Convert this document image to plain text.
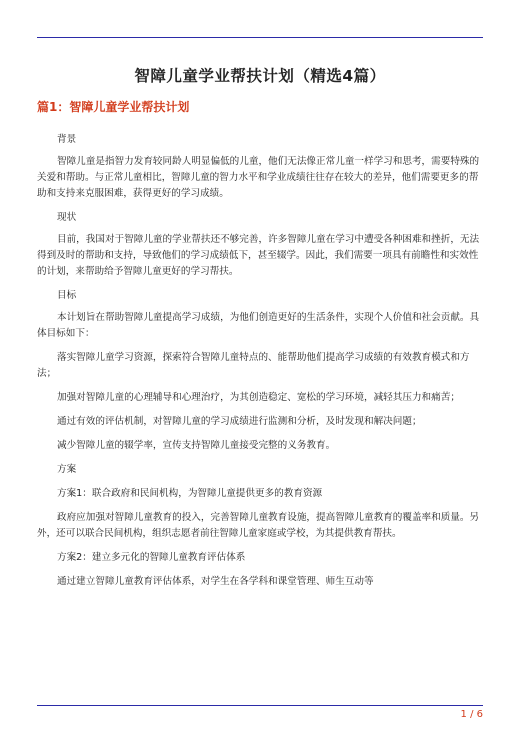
智障儿童学业帮扶计划（精选4篇）
篇1：智障儿童学业帮扶计划

背景

智障儿童是指智力发育较同龄人明显偏低的儿童，他们无法像正常儿童一样学习和思考，需要特殊的关爱和帮助。与正常儿童相比，智障儿童的智力水平和学业成绩往往存在较大的差异，他们需要更多的帮助和支持来克服困难，获得更好的学习成绩。

现状

目前，我国对于智障儿童的学业帮扶还不够完善，许多智障儿童在学习中遭受各种困难和挫折，无法得到及时的帮助和支持，导致他们的学习成绩低下，甚至辍学。因此，我们需要一项具有前瞻性和实效性的计划，来帮助给予智障儿童更好的学习帮扶。

目标

本计划旨在帮助智障儿童提高学习成绩，为他们创造更好的生活条件，实现个人价值和社会贡献。具体目标如下：

落实智障儿童学习资源，探索符合智障儿童特点的、能帮助他们提高学习成绩的有效教育模式和方法；

加强对智障儿童的心理辅导和心理治疗，为其创造稳定、宽松的学习环境，减轻其压力和痛苦；

通过有效的评估机制，对智障儿童的学习成绩进行监测和分析，及时发现和解决问题；

减少智障儿童的辍学率，宣传支持智障儿童接受完整的义务教育。

方案

方案1：联合政府和民间机构，为智障儿童提供更多的教育资源

政府应加强对智障儿童教育的投入，完善智障儿童教育设施，提高智障儿童教育的覆盖率和质量。另外，还可以联合民间机构，组织志愿者前往智障儿童家庭或学校，为其提供教育帮扶。

方案2：建立多元化的智障儿童教育评估体系

通过建立智障儿童教育评估体系，对学生在各学科和课堂管理、师生互动等

1 / 6
